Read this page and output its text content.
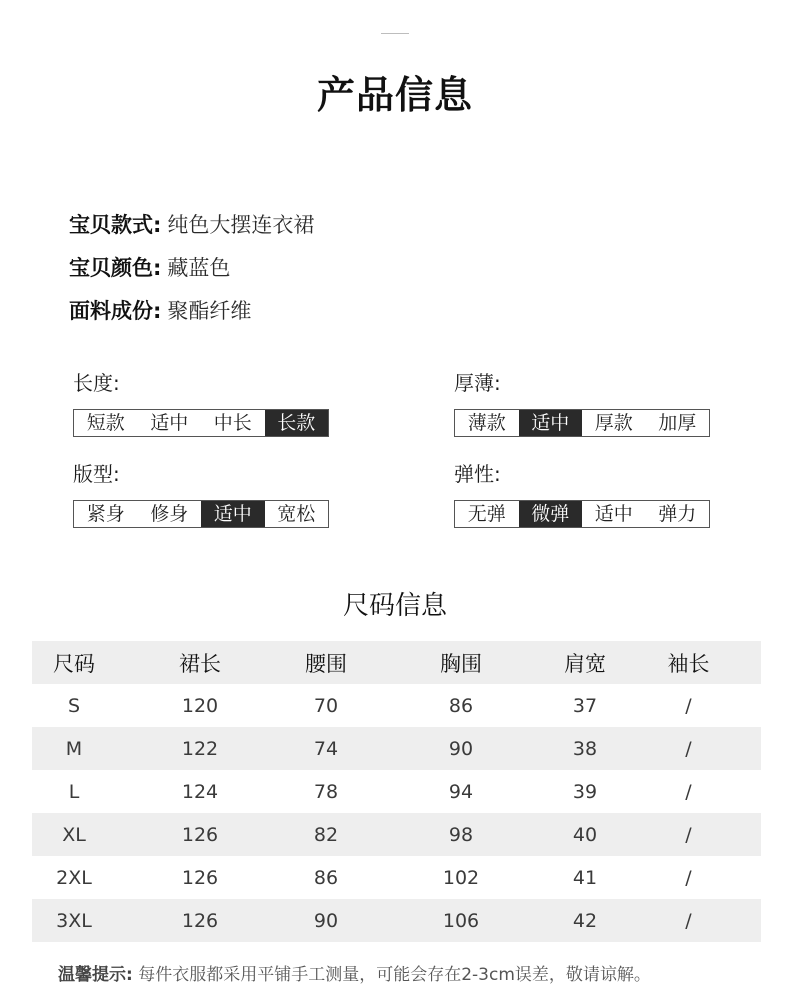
产品信息
宝贝款式: 纯色大摆连衣裙
宝贝颜色: 藏蓝色
面料成份: 聚酯纤维
长度:
短款	适中	中长	长款
厚薄:
薄款	适中	厚款	加厚
版型:
紧身	修身	适中	宽松
弹性:
无弹	微弹	适中	弹力
尺码信息
尺码	裙长	腰围	胸围	肩宽	袖长
S	120	70	86	37	/
M	122	74	90	38	/
L	124	78	94	39	/
XL	126	82	98	40	/
2XL	126	86	102	41	/
3XL	126	90	106	42	/
温馨提示: 每件衣服都采用平铺手工测量，可能会存在2-3cm误差，敬请谅解。
